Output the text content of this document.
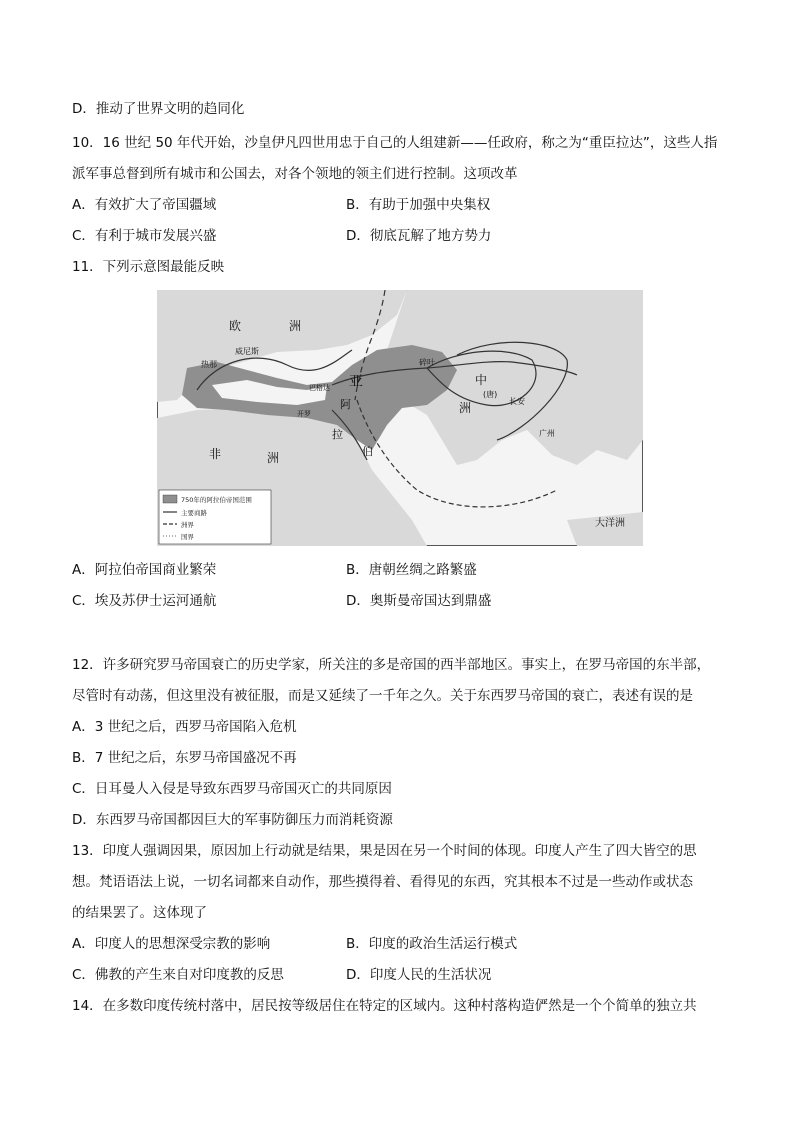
D．推动了世界文明的趋同化
10．16 世纪 50 年代开始，沙皇伊凡四世用忠于自己的人组建新——任政府，称之为“重臣拉达”，这些人指
派军事总督到所有城市和公国去，对各个领地的领主们进行控制。这项改革
A．有效扩大了帝国疆域	B．有助于加强中央集权
C．有利于城市发展兴盛	D．彻底瓦解了地方势力
11．下列示意图最能反映
欧	洲
威尼斯
热那
巴格达 亚
洲
开罗
非	洲
阿
拉
伯
中
(唐)
长安
广州
碎叶
大洋洲
750年的阿拉伯帝国范围
主要商路
洲界
国界
A．阿拉伯帝国商业繁荣	B．唐朝丝绸之路繁盛
C．埃及苏伊士运河通航	D．奥斯曼帝国达到鼎盛
12．许多研究罗马帝国衰亡的历史学家，所关注的多是帝国的西半部地区。事实上，在罗马帝国的东半部，
尽管时有动荡，但这里没有被征服，而是又延续了一千年之久。关于东西罗马帝国的衰亡，表述有误的是
A．3 世纪之后，西罗马帝国陷入危机
B．7 世纪之后，东罗马帝国盛况不再
C．日耳曼人入侵是导致东西罗马帝国灭亡的共同原因
D．东西罗马帝国都因巨大的军事防御压力而消耗资源
13．印度人强调因果，原因加上行动就是结果，果是因在另一个时间的体现。印度人产生了四大皆空的思
想。梵语语法上说，一切名词都来自动作，那些摸得着、看得见的东西，究其根本不过是一些动作或状态
的结果罢了。这体现了
A．印度人的思想深受宗教的影响	B．印度的政治生活运行模式
C．佛教的产生来自对印度教的反思	D．印度人民的生活状况
14．在多数印度传统村落中，居民按等级居住在特定的区域内。这种村落构造俨然是一个个简单的独立共
